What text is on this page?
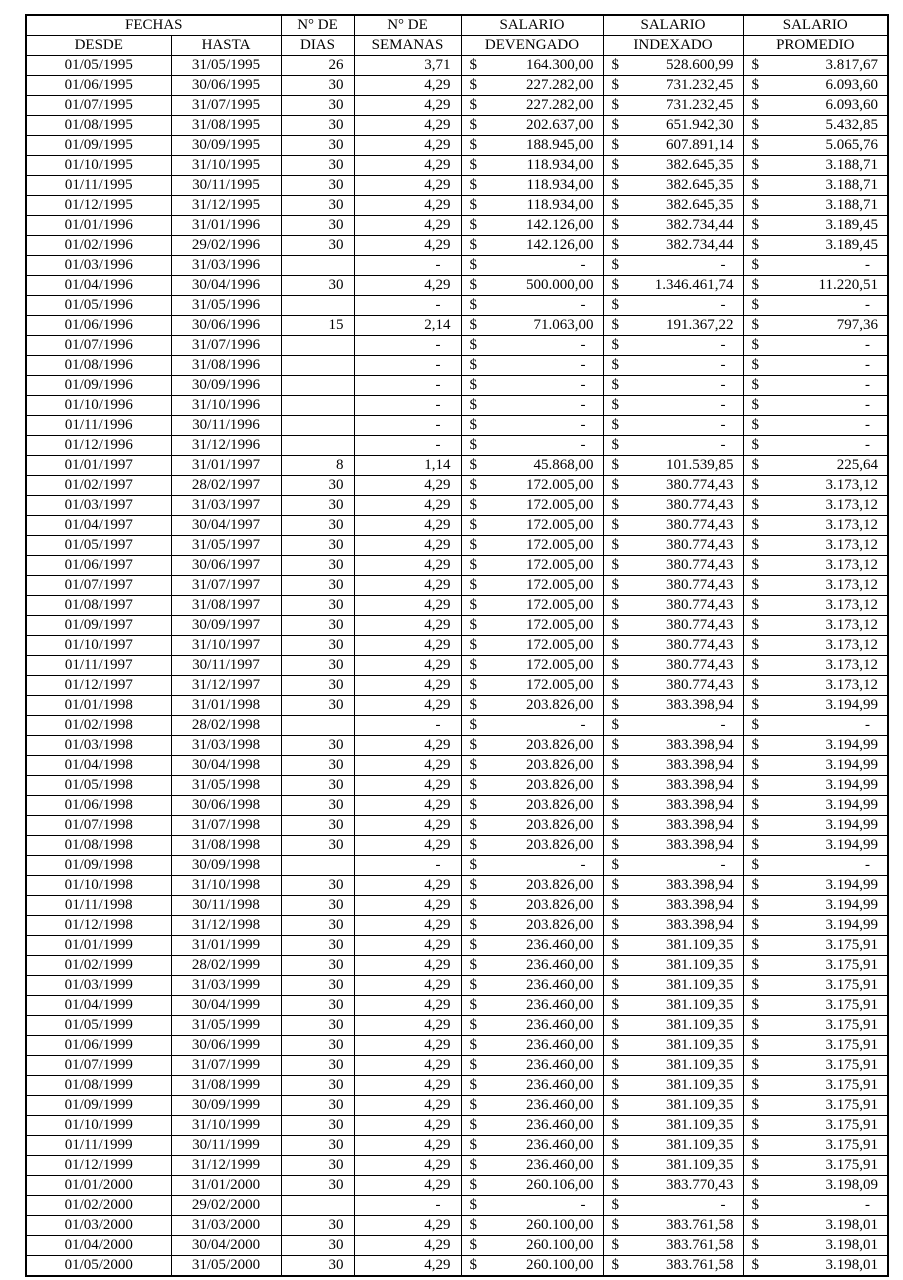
FECHAS		N° DE	N° DE	SALARIO	SALARIO	SALARIO
DESDE	HASTA	DIAS	SEMANAS	DEVENGADO	INDEXADO	PROMEDIO
01/05/1995	31/05/1995	26	3,71	$ 164.300,00	$ 528.600,99	$ 3.817,67

01/06/1995	30/06/1995	30	4,29	$ 227.282,00	$ 731.232,45	$ 6.093,60

01/07/1995	31/07/1995	30	4,29	$ 227.282,00	$ 731.232,45	$ 6.093,60

01/08/1995	31/08/1995	30	4,29	$ 202.637,00	$ 651.942,30	$ 5.432,85

01/09/1995	30/09/1995	30	4,29	$ 188.945,00	$ 607.891,14	$ 5.065,76

01/10/1995	31/10/1995	30	4,29	$ 118.934,00	$ 382.645,35	$ 3.188,71

01/11/1995	30/11/1995	30	4,29	$ 118.934,00	$ 382.645,35	$ 3.188,71

01/12/1995	31/12/1995	30	4,29	$ 118.934,00	$ 382.645,35	$ 3.188,71

01/01/1996	31/01/1996	30	4,29	$ 142.126,00	$ 382.734,44	$ 3.189,45

01/02/1996	29/02/1996	30	4,29	$ 142.126,00	$ 382.734,44	$ 3.189,45

01/03/1996	31/03/1996		-	$ -	$ -	$ -

01/04/1996	30/04/1996	30	4,29	$ 500.000,00	$ 1.346.461,74	$ 11.220,51

01/05/1996	31/05/1996		-	$ -	$ -	$ -

01/06/1996	30/06/1996	15	2,14	$ 71.063,00	$ 191.367,22	$ 797,36

01/07/1996	31/07/1996		-	$ -	$ -	$ -

01/08/1996	31/08/1996		-	$ -	$ -	$ -

01/09/1996	30/09/1996		-	$ -	$ -	$ -

01/10/1996	31/10/1996		-	$ -	$ -	$ -

01/11/1996	30/11/1996		-	$ -	$ -	$ -

01/12/1996	31/12/1996		-	$ -	$ -	$ -

01/01/1997	31/01/1997	8	1,14	$ 45.868,00	$ 101.539,85	$ 225,64

01/02/1997	28/02/1997	30	4,29	$ 172.005,00	$ 380.774,43	$ 3.173,12

01/03/1997	31/03/1997	30	4,29	$ 172.005,00	$ 380.774,43	$ 3.173,12

01/04/1997	30/04/1997	30	4,29	$ 172.005,00	$ 380.774,43	$ 3.173,12

01/05/1997	31/05/1997	30	4,29	$ 172.005,00	$ 380.774,43	$ 3.173,12

01/06/1997	30/06/1997	30	4,29	$ 172.005,00	$ 380.774,43	$ 3.173,12

01/07/1997	31/07/1997	30	4,29	$ 172.005,00	$ 380.774,43	$ 3.173,12

01/08/1997	31/08/1997	30	4,29	$ 172.005,00	$ 380.774,43	$ 3.173,12

01/09/1997	30/09/1997	30	4,29	$ 172.005,00	$ 380.774,43	$ 3.173,12

01/10/1997	31/10/1997	30	4,29	$ 172.005,00	$ 380.774,43	$ 3.173,12

01/11/1997	30/11/1997	30	4,29	$ 172.005,00	$ 380.774,43	$ 3.173,12

01/12/1997	31/12/1997	30	4,29	$ 172.005,00	$ 380.774,43	$ 3.173,12

01/01/1998	31/01/1998	30	4,29	$ 203.826,00	$ 383.398,94	$ 3.194,99

01/02/1998	28/02/1998		-	$ -	$ -	$ -

01/03/1998	31/03/1998	30	4,29	$ 203.826,00	$ 383.398,94	$ 3.194,99

01/04/1998	30/04/1998	30	4,29	$ 203.826,00	$ 383.398,94	$ 3.194,99

01/05/1998	31/05/1998	30	4,29	$ 203.826,00	$ 383.398,94	$ 3.194,99

01/06/1998	30/06/1998	30	4,29	$ 203.826,00	$ 383.398,94	$ 3.194,99

01/07/1998	31/07/1998	30	4,29	$ 203.826,00	$ 383.398,94	$ 3.194,99

01/08/1998	31/08/1998	30	4,29	$ 203.826,00	$ 383.398,94	$ 3.194,99

01/09/1998	30/09/1998		-	$ -	$ -	$ -

01/10/1998	31/10/1998	30	4,29	$ 203.826,00	$ 383.398,94	$ 3.194,99

01/11/1998	30/11/1998	30	4,29	$ 203.826,00	$ 383.398,94	$ 3.194,99

01/12/1998	31/12/1998	30	4,29	$ 203.826,00	$ 383.398,94	$ 3.194,99

01/01/1999	31/01/1999	30	4,29	$ 236.460,00	$ 381.109,35	$ 3.175,91

01/02/1999	28/02/1999	30	4,29	$ 236.460,00	$ 381.109,35	$ 3.175,91

01/03/1999	31/03/1999	30	4,29	$ 236.460,00	$ 381.109,35	$ 3.175,91

01/04/1999	30/04/1999	30	4,29	$ 236.460,00	$ 381.109,35	$ 3.175,91

01/05/1999	31/05/1999	30	4,29	$ 236.460,00	$ 381.109,35	$ 3.175,91

01/06/1999	30/06/1999	30	4,29	$ 236.460,00	$ 381.109,35	$ 3.175,91

01/07/1999	31/07/1999	30	4,29	$ 236.460,00	$ 381.109,35	$ 3.175,91

01/08/1999	31/08/1999	30	4,29	$ 236.460,00	$ 381.109,35	$ 3.175,91

01/09/1999	30/09/1999	30	4,29	$ 236.460,00	$ 381.109,35	$ 3.175,91

01/10/1999	31/10/1999	30	4,29	$ 236.460,00	$ 381.109,35	$ 3.175,91

01/11/1999	30/11/1999	30	4,29	$ 236.460,00	$ 381.109,35	$ 3.175,91

01/12/1999	31/12/1999	30	4,29	$ 236.460,00	$ 381.109,35	$ 3.175,91

01/01/2000	31/01/2000	30	4,29	$ 260.106,00	$ 383.770,43	$ 3.198,09

01/02/2000	29/02/2000		-	$ -	$ -	$ -

01/03/2000	31/03/2000	30	4,29	$ 260.100,00	$ 383.761,58	$ 3.198,01

01/04/2000	30/04/2000	30	4,29	$ 260.100,00	$ 383.761,58	$ 3.198,01

01/05/2000	31/05/2000	30	4,29	$ 260.100,00	$ 383.761,58	$ 3.198,01
